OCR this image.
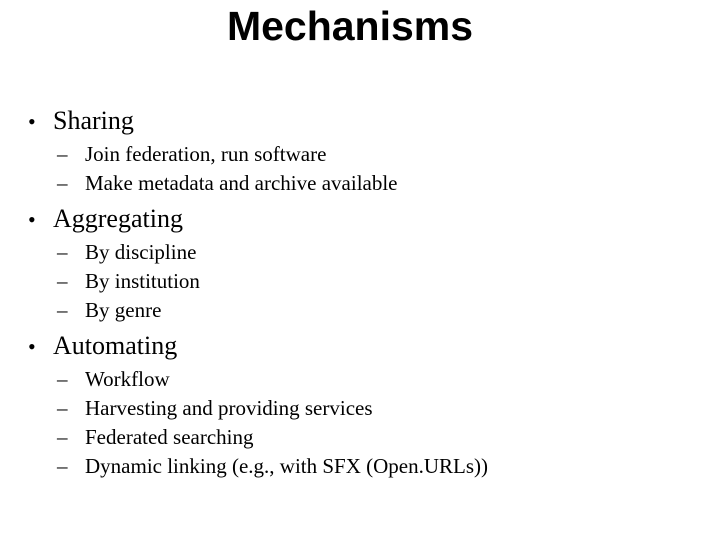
Mechanisms
• Sharing
– Join federation, run software
– Make metadata and archive available
• Aggregating
– By discipline
– By institution
– By genre
• Automating
– Workflow
– Harvesting and providing services
– Federated searching
– Dynamic linking (e.g., with SFX (Open.URLs))
